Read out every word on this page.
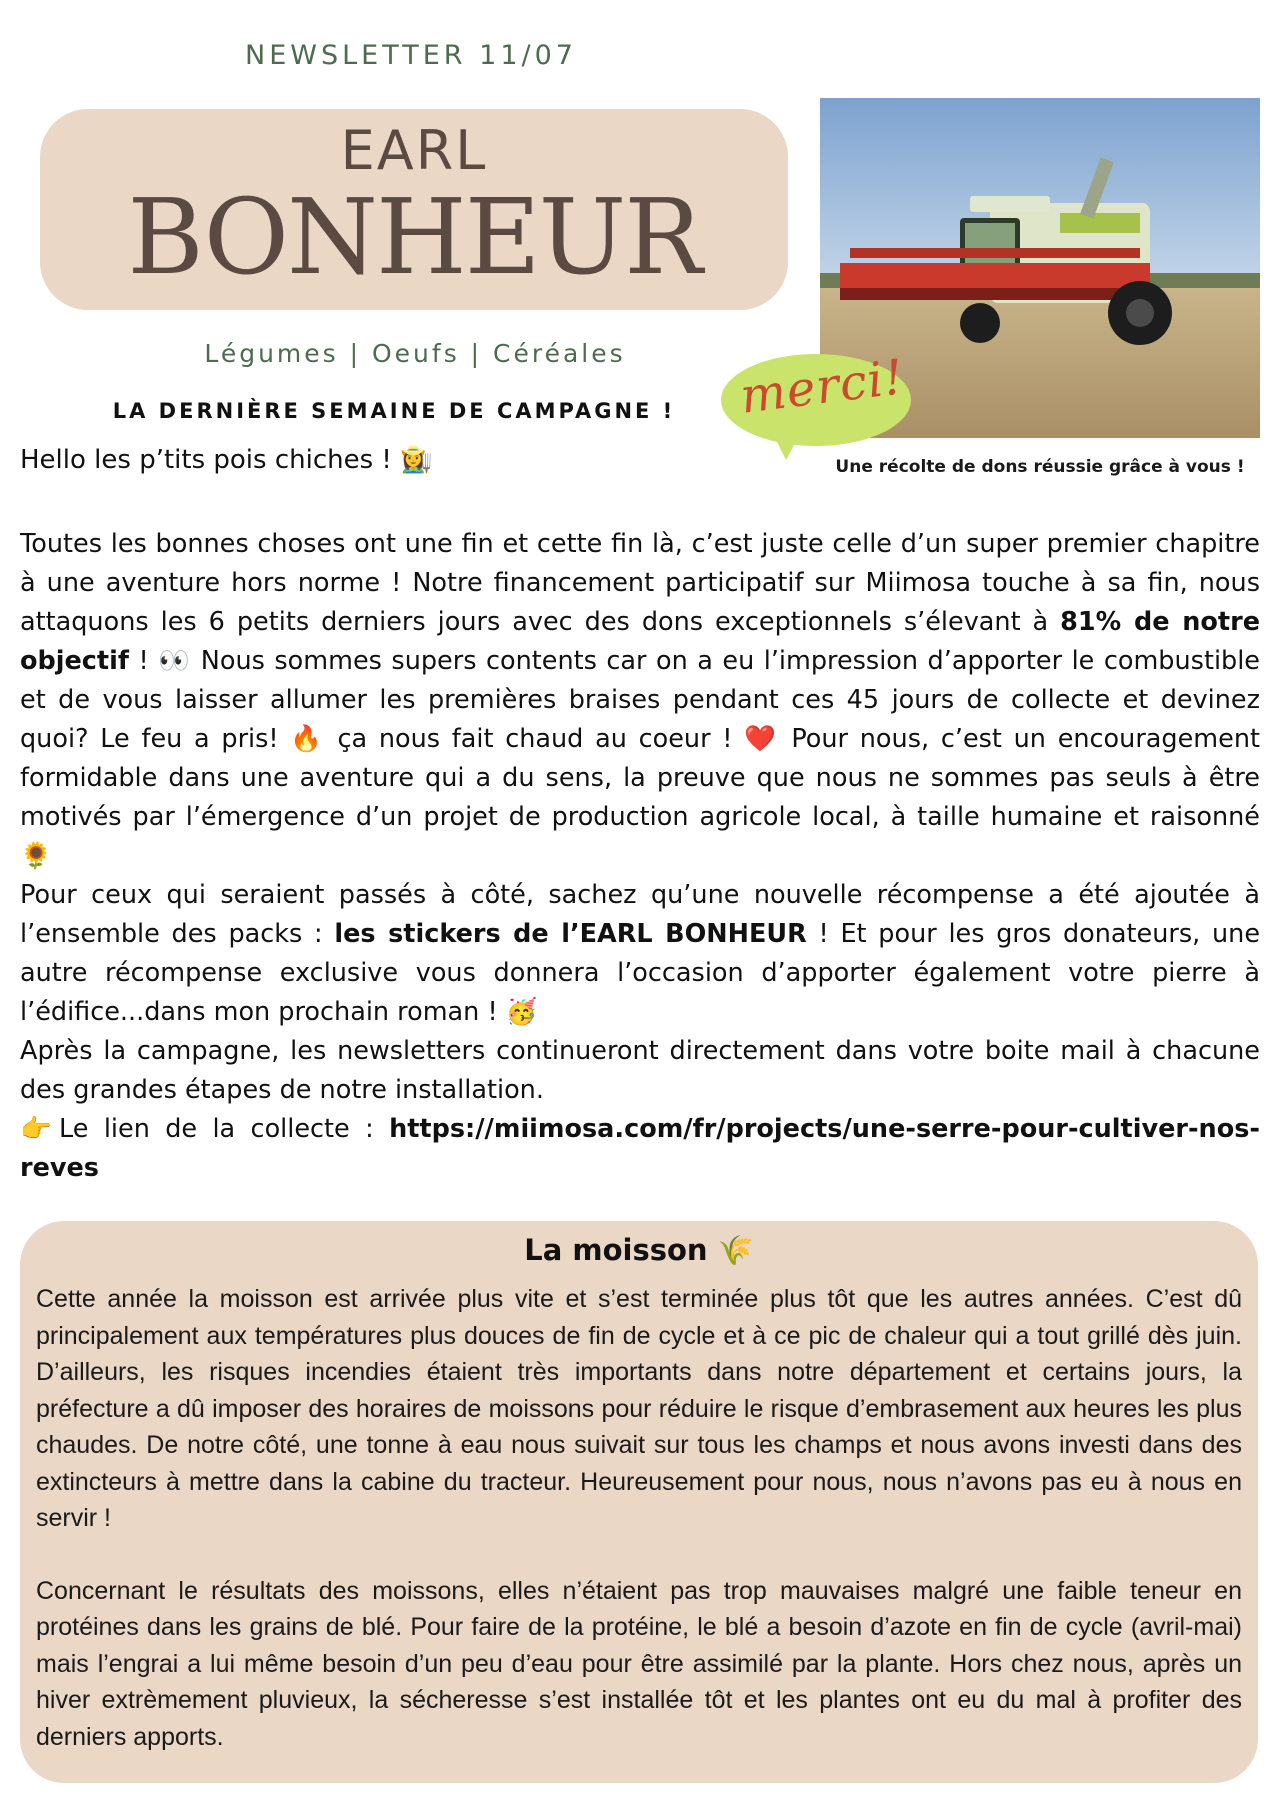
NEWSLETTER 11/07
EARL
BONHEUR
Légumes | Oeufs | Céréales
LA DERNIÈRE SEMAINE DE CAMPAGNE !	merci!
Une récolte de dons réussie grâce à vous !
Hello les p’tits pois chiches ! 👩‍🌾

Toutes les bonnes choses ont une fin et cette fin là, c’est juste celle d’un super premier chapitre à une aventure hors norme ! Notre financement participatif sur Miimosa touche à sa fin, nous attaquons les 6 petits derniers jours avec des dons exceptionnels s’élevant à 81% de notre objectif ! 👀 Nous sommes supers contents car on a eu l’impression d’apporter le combustible et de vous laisser allumer les premières braises pendant ces 45 jours de collecte et devinez quoi? Le feu a pris! 🔥 ça nous fait chaud au coeur ! ❤️ Pour nous, c’est un encouragement formidable dans une aventure qui a du sens, la preuve que nous ne sommes pas seuls à être motivés par l’émergence d’un projet de production agricole local, à taille humaine et raisonné 🌻

Pour ceux qui seraient passés à côté, sachez qu’une nouvelle récompense a été ajoutée à l’ensemble des packs : les stickers de l’EARL BONHEUR ! Et pour les gros donateurs, une autre récompense exclusive vous donnera l’occasion d’apporter également votre pierre à l’édifice...dans mon prochain roman ! 🥳

Après la campagne, les newsletters continueront directement dans votre boite mail à chacune des grandes étapes de notre installation.

👉Le lien de la collecte : https://miimosa.com/fr/projects/une-serre-pour-cultiver-nos-reves

La moisson 🌾

Cette année la moisson est arrivée plus vite et s’est terminée plus tôt que les autres années. C’est dû principalement aux températures plus douces de fin de cycle et à ce pic de chaleur qui a tout grillé dès juin. D’ailleurs, les risques incendies étaient très importants dans notre département et certains jours, la préfecture a dû imposer des horaires de moissons pour réduire le risque d’embrasement aux heures les plus chaudes. De notre côté, une tonne à eau nous suivait sur tous les champs et nous avons investi dans des extincteurs à mettre dans la cabine du tracteur. Heureusement pour nous, nous n’avons pas eu à nous en servir !

Concernant le résultats des moissons, elles n’étaient pas trop mauvaises malgré une faible teneur en protéines dans les grains de blé. Pour faire de la protéine, le blé a besoin d’azote en fin de cycle (avril-mai) mais l’engrai a lui même besoin d’un peu d’eau pour être assimilé par la plante. Hors chez nous, après un hiver extrèmement pluvieux, la sécheresse s’est installée tôt et les plantes ont eu du mal à profiter des derniers apports.
